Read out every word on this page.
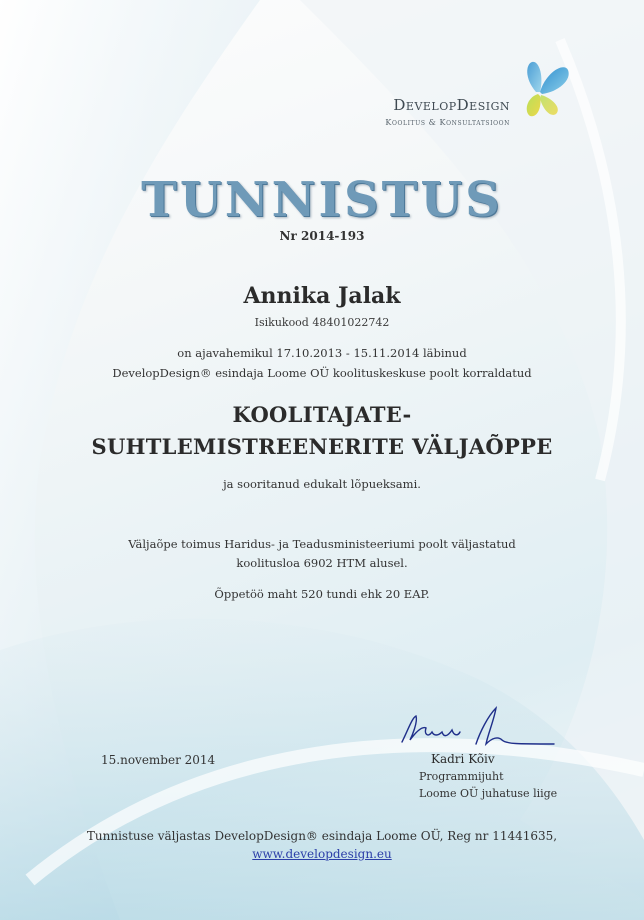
DevelopDesign
Koolitus & Konsultatsioon
TUNNISTUS
Nr 2014-193
Annika Jalak
Isikukood 48401022742
on ajavahemikul 17.10.2013 - 15.11.2014 läbinud
DevelopDesign® esindaja Loome OÜ koolituskeskuse poolt korraldatud
KOOLITAJATE-
SUHTLEMISTREENERITE VÄLJAÕPPE
ja sooritanud edukalt lõpueksami.
Väljaõpe toimus Haridus- ja Teadusministeeriumi poolt väljastatud
koolitusloa 6902 HTM alusel.
Õppetöö maht 520 tundi ehk 20 EAP.
15.november 2014	Kadri Kõiv
Programmijuht
Loome OÜ juhatuse liige
Tunnistuse väljastas DevelopDesign® esindaja Loome OÜ, Reg nr 11441635,
www.developdesign.eu
